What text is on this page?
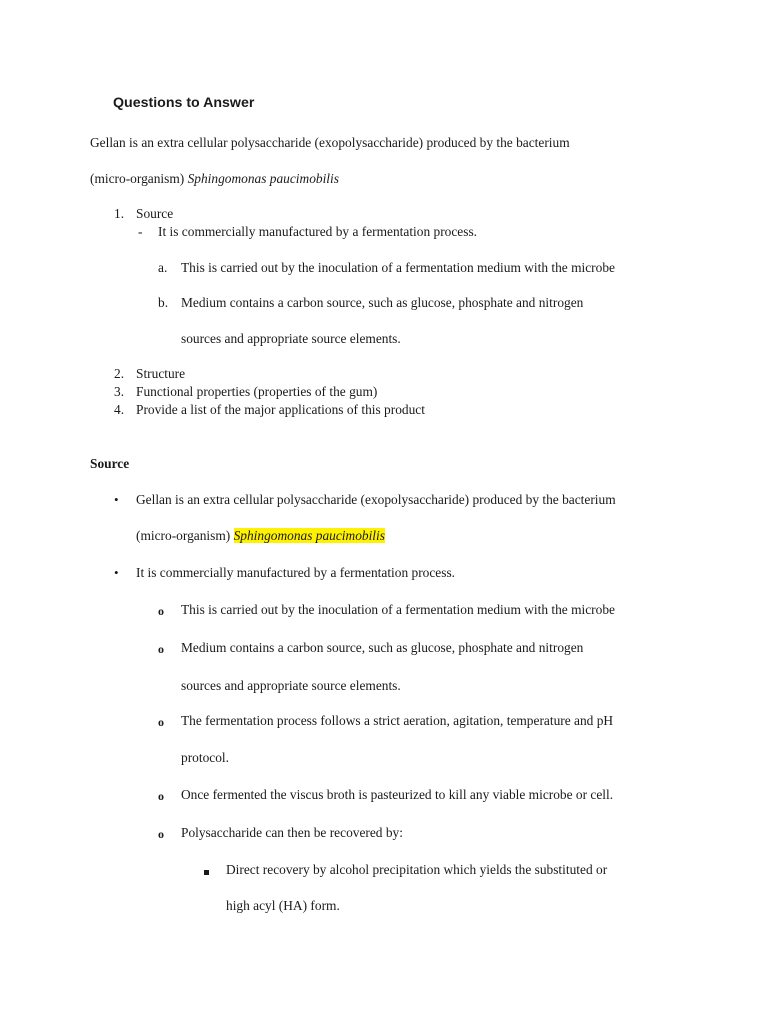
Questions to Answer
Gellan is an extra cellular polysaccharide (exopolysaccharide) produced by the bacterium
(micro-organism) Sphingomonas paucimobilis
1. Source
- It is commercially manufactured by a fermentation process.
a. This is carried out by the inoculation of a fermentation medium with the microbe
b. Medium contains a carbon source, such as glucose, phosphate and nitrogen
sources and appropriate source elements.
2. Structure
3. Functional properties (properties of the gum)
4. Provide a list of the major applications of this product
Source
• Gellan is an extra cellular polysaccharide (exopolysaccharide) produced by the bacterium
(micro-organism) Sphingomonas paucimobilis
• It is commercially manufactured by a fermentation process.
o This is carried out by the inoculation of a fermentation medium with the microbe
o Medium contains a carbon source, such as glucose, phosphate and nitrogen
sources and appropriate source elements.
o The fermentation process follows a strict aeration, agitation, temperature and pH
protocol.
o Once fermented the viscus broth is pasteurized to kill any viable microbe or cell.
o Polysaccharide can then be recovered by:
Direct recovery by alcohol precipitation which yields the substituted or
high acyl (HA) form.
